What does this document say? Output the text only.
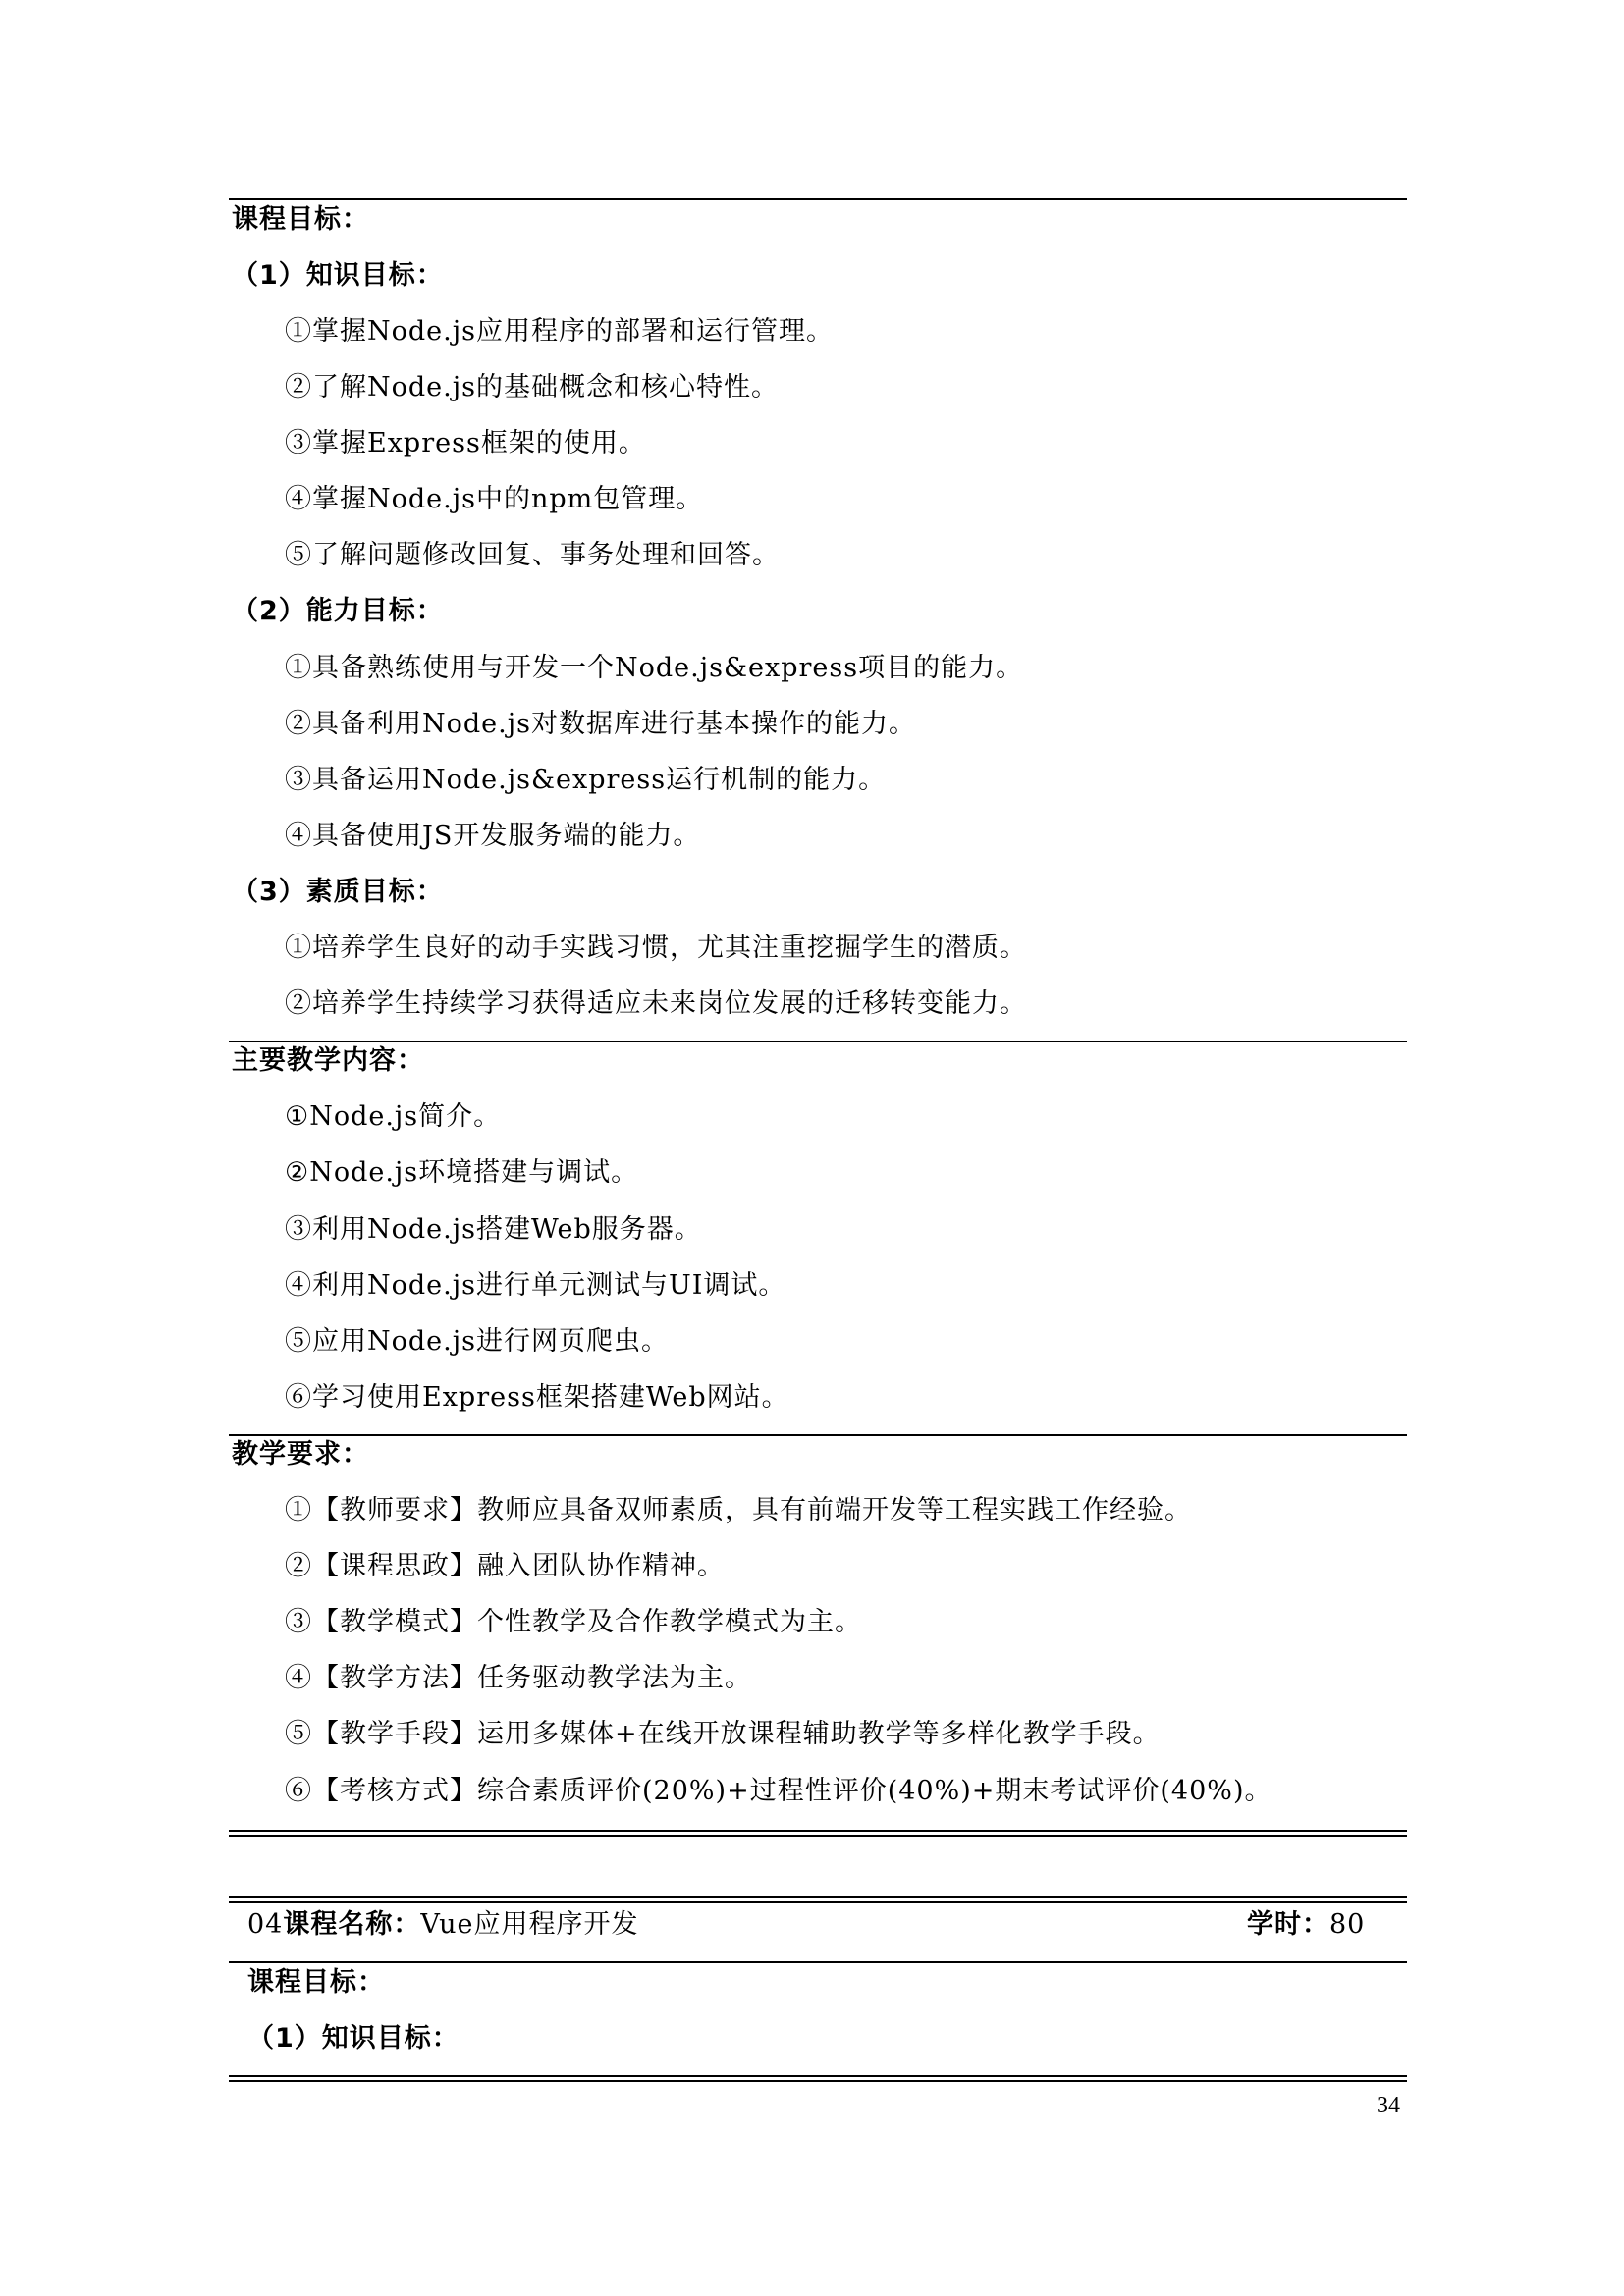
课程目标：
（1）知识目标：
①掌握Node.js应用程序的部署和运行管理。
②了解Node.js的基础概念和核心特性。
③掌握Express框架的使用。
④掌握Node.js中的npm包管理。
⑤了解问题修改回复、事务处理和回答。
（2）能力目标：
①具备熟练使用与开发一个Node.js&express项目的能力。
②具备利用Node.js对数据库进行基本操作的能力。
③具备运用Node.js&express运行机制的能力。
④具备使用JS开发服务端的能力。
（3）素质目标：
①培养学生良好的动手实践习惯，尤其注重挖掘学生的潜质。
②培养学生持续学习获得适应未来岗位发展的迁移转变能力。
主要教学内容：
①Node.js简介。
②Node.js环境搭建与调试。
③利用Node.js搭建Web服务器。
④利用Node.js进行单元测试与UI调试。
⑤应用Node.js进行网页爬虫。
⑥学习使用Express框架搭建Web网站。
教学要求：
①【教师要求】教师应具备双师素质，具有前端开发等工程实践工作经验。
②【课程思政】融入团队协作精神。
③【教学模式】个性教学及合作教学模式为主。
④【教学方法】任务驱动教学法为主。
⑤【教学手段】运用多媒体+在线开放课程辅助教学等多样化教学手段。
⑥【考核方式】综合素质评价(20%)+过程性评价(40%)+期末考试评价(40%)。
04课程名称：Vue应用程序开发	学时：80
课程目标：
（1）知识目标：
34
